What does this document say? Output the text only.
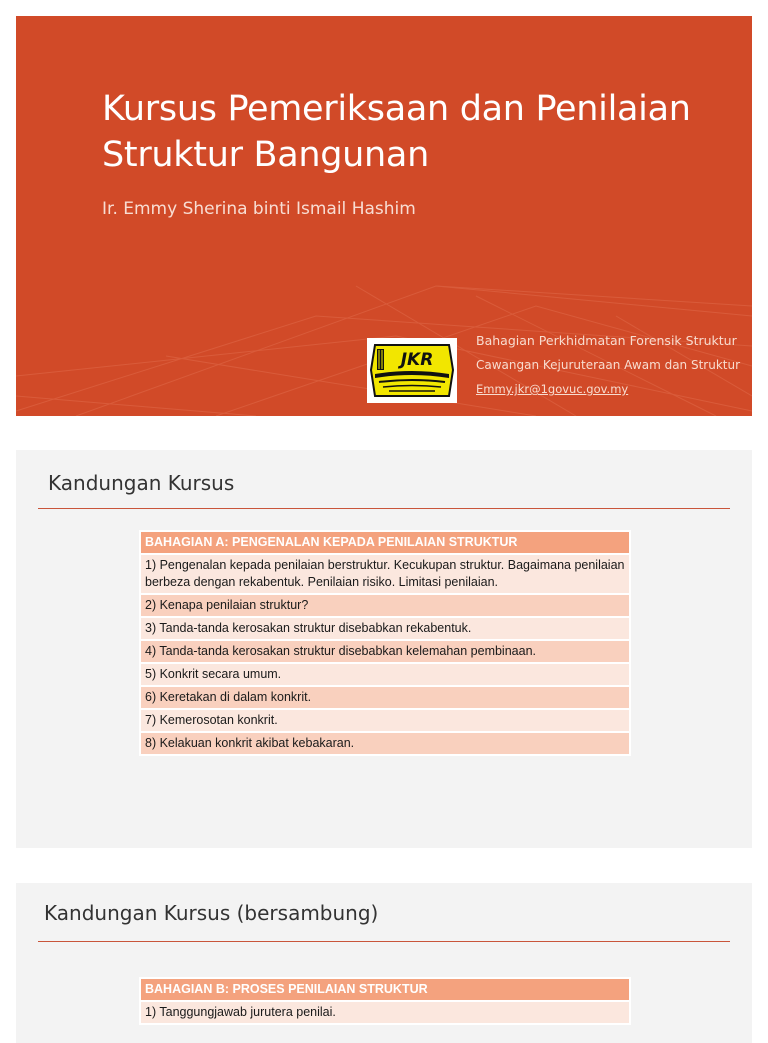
Kursus Pemeriksaan dan Penilaian
Struktur Bangunan
Ir. Emmy Sherina binti Ismail Hashim
JKR
Bahagian Perkhidmatan Forensik Struktur
Cawangan Kejuruteraan Awam dan Struktur
Emmy.jkr@1govuc.gov.my
Kandungan Kursus
BAHAGIAN A: PENGENALAN KEPADA PENILAIAN STRUKTUR
1) Pengenalan kepada penilaian berstruktur. Kecukupan struktur. Bagaimana penilaian berbeza dengan rekabentuk. Penilaian risiko. Limitasi penilaian.
2) Kenapa penilaian struktur?
3) Tanda-tanda kerosakan struktur disebabkan rekabentuk.
4) Tanda-tanda kerosakan struktur disebabkan kelemahan pembinaan.
5) Konkrit secara umum.
6) Keretakan di dalam konkrit.
7) Kemerosotan konkrit.
8) Kelakuan konkrit akibat kebakaran.
Kandungan Kursus (bersambung)
BAHAGIAN B: PROSES PENILAIAN STRUKTUR
1) Tanggungjawab jurutera penilai.
